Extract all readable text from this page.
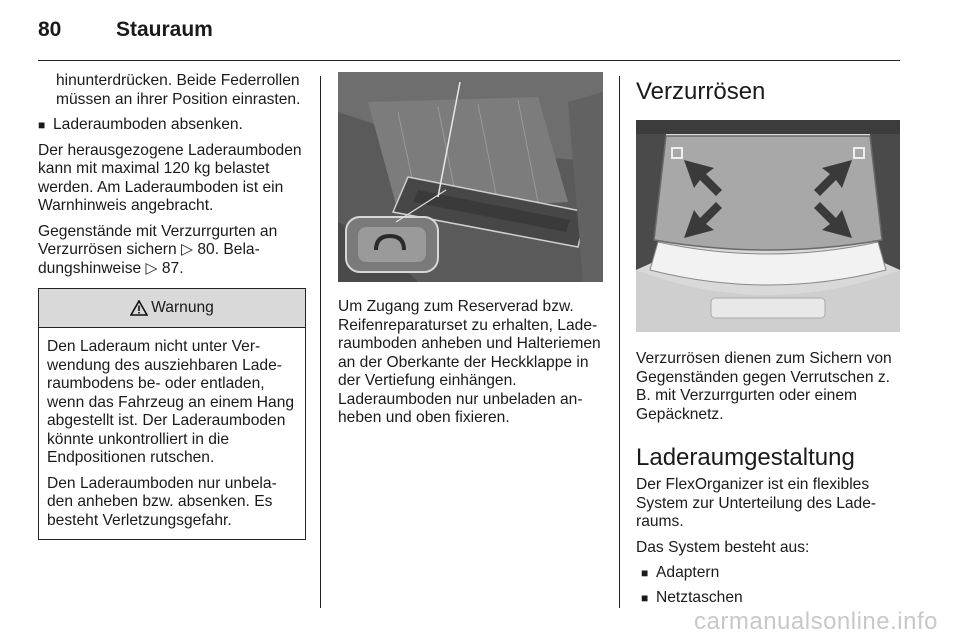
80	Stauraum

hinunterdrücken. Beide Federrollen müssen an ihrer Position einrasten.

■ Laderaumboden absenken.

Der herausgezogene Laderaumboden kann mit maximal 120 kg belastet werden. Am Laderaumboden ist ein Warnhinweis angebracht.

Gegenstände mit Verzurrgurten an Verzurrösen sichern ▷ 80. Beladungshinweise ▷ 87.

Warnung

Den Laderaum nicht unter Verwendung des ausziehbaren Laderaumbodens be- oder entladen, wenn das Fahrzeug an einem Hang abgestellt ist. Der Laderaumboden könnte unkontrolliert in die Endpositionen rutschen.

Den Laderaumboden nur unbeladen anheben bzw. absenken. Es besteht Verletzungsgefahr.

Um Zugang zum Reserverad bzw. Reifenreparaturset zu erhalten, Laderaumboden anheben und Halteriemen an der Oberkante der Heckklappe in der Vertiefung einhängen. Laderaumboden nur unbeladen anheben und oben fixieren.

Verzurrösen

Verzurrösen dienen zum Sichern von Gegenständen gegen Verrutschen z. B. mit Verzurrgurten oder einem Gepäcknetz.

Laderaumgestaltung

Der FlexOrganizer ist ein flexibles System zur Unterteilung des Laderaums.

Das System besteht aus:

■ Adaptern
■ Netztaschen
carmanualsonline.info
